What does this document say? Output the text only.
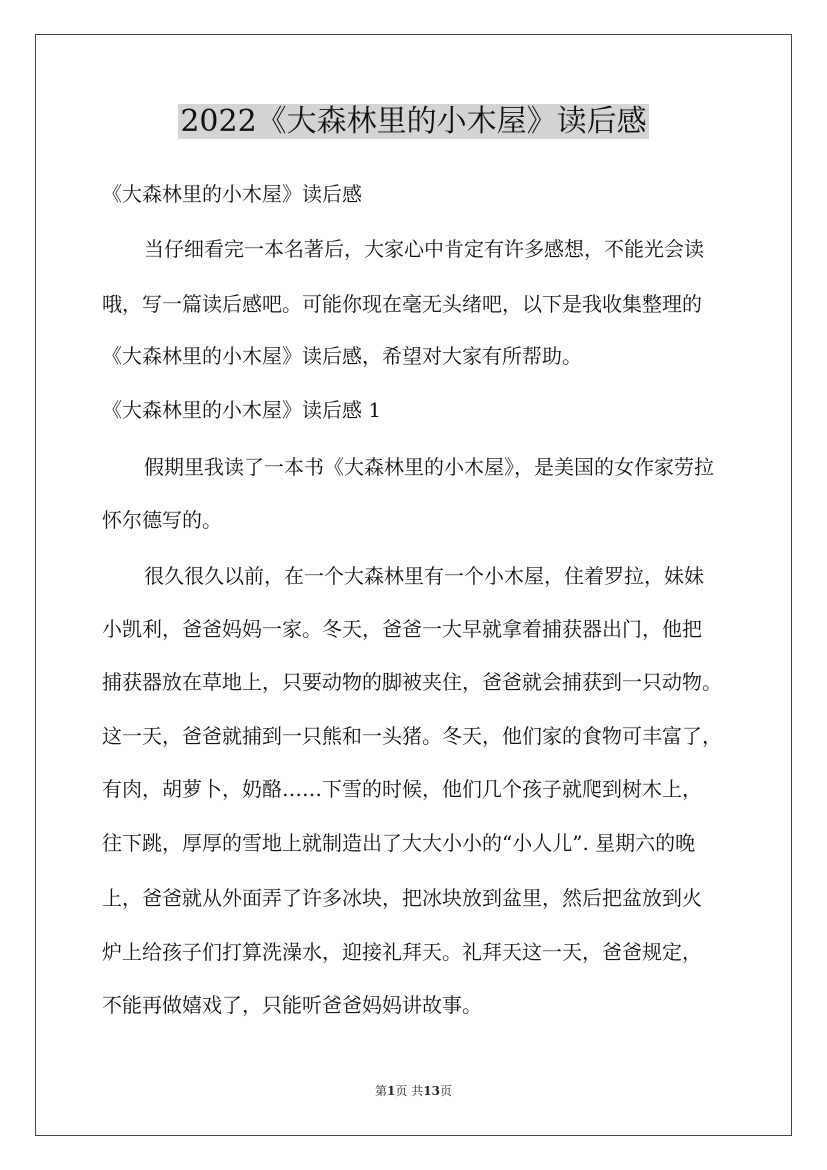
2022《大森林里的小木屋》读后感
《大森林里的小木屋》读后感
当仔细看完一本名著后，大家心中肯定有许多感想，不能光会读
哦，写一篇读后感吧。可能你现在毫无头绪吧，以下是我收集整理的
《大森林里的小木屋》读后感，希望对大家有所帮助。
《大森林里的小木屋》读后感 1
假期里我读了一本书《大森林里的小木屋》，是美国的女作家劳拉
怀尔德写的。
很久很久以前，在一个大森林里有一个小木屋，住着罗拉，妹妹
小凯利，爸爸妈妈一家。冬天，爸爸一大早就拿着捕获器出门，他把
捕获器放在草地上，只要动物的脚被夹住，爸爸就会捕获到一只动物。
这一天，爸爸就捕到一只熊和一头猪。冬天，他们家的食物可丰富了，
有肉，胡萝卜，奶酪……下雪的时候，他们几个孩子就爬到树木上，
往下跳，厚厚的雪地上就制造出了大大小小的“小人儿”. 星期六的晚
上，爸爸就从外面弄了许多冰块，把冰块放到盆里，然后把盆放到火
炉上给孩子们打算洗澡水，迎接礼拜天。礼拜天这一天，爸爸规定，
不能再做嬉戏了，只能听爸爸妈妈讲故事。
第1页 共13页
